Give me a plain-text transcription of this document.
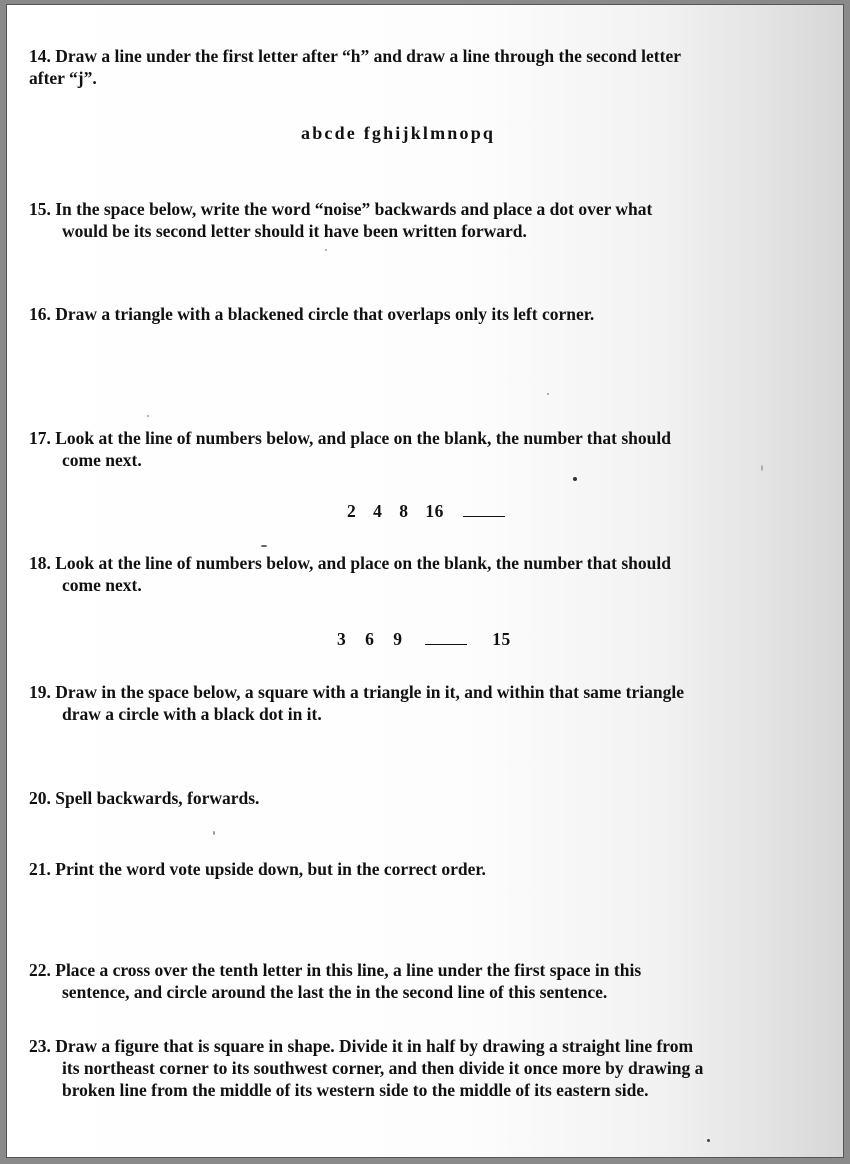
14. Draw a line under the first letter after “h” and draw a line through the second letter
after “j”.
abcde fghijklmnopq
15. In the space below, write the word “noise” backwards and place a dot over what
would be its second letter should it have been written forward.
16. Draw a triangle with a blackened circle that overlaps only its left corner.
17. Look at the line of numbers below, and place on the blank, the number that should
come next.
2 4 8 16
18. Look at the line of numbers below, and place on the blank, the number that should
come next.
3 6 9	15
19. Draw in the space below, a square with a triangle in it, and within that same triangle
draw a circle with a black dot in it.
20. Spell backwards, forwards.
21. Print the word vote upside down, but in the correct order.
22. Place a cross over the tenth letter in this line, a line under the first space in this
sentence, and circle around the last the in the second line of this sentence.
23. Draw a figure that is square in shape. Divide it in half by drawing a straight line from
its northeast corner to its southwest corner, and then divide it once more by drawing a
broken line from the middle of its western side to the middle of its eastern side.
